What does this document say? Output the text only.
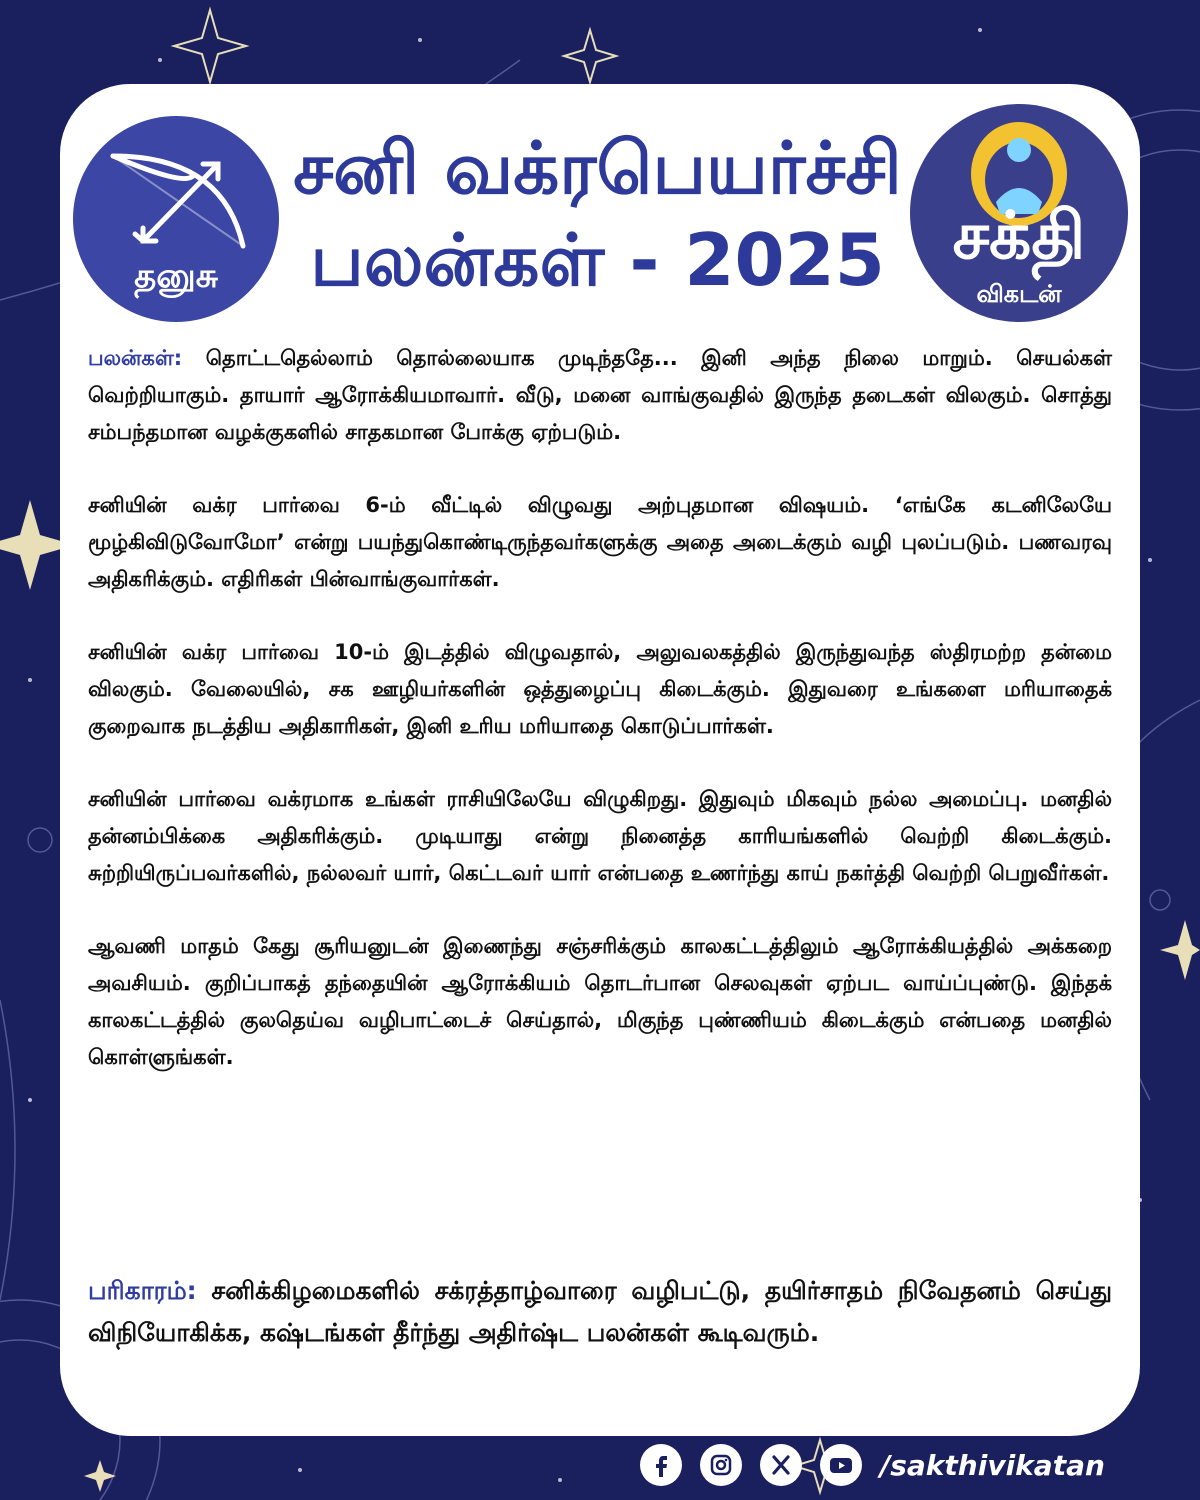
தனுசு
சனி வக்ரபெயர்ச்சி
பலன்கள் - 2025	சக்தி
விகடன்

பலன்கள்: தொட்டதெல்லாம் தொல்லையாக முடிந்ததே... இனி அந்த நிலை மாறும். செயல்கள் வெற்றியாகும். தாயார் ஆரோக்கியமாவார். வீடு, மனை வாங்குவதில் இருந்த தடைகள் விலகும். சொத்து சம்பந்தமான வழக்குகளில் சாதகமான போக்கு ஏற்படும்.

சனியின் வக்ர பார்வை 6-ம் வீட்டில் விழுவது அற்புதமான விஷயம். ‘எங்கே கடனிலேயே மூழ்கிவிடுவோமோ’ என்று பயந்துகொண்டிருந்தவர்களுக்கு அதை அடைக்கும் வழி புலப்படும். பணவரவு அதிகரிக்கும். எதிரிகள் பின்வாங்குவார்கள்.

சனியின் வக்ர பார்வை 10-ம் இடத்தில் விழுவதால், அலுவலகத்தில் இருந்துவந்த ஸ்திரமற்ற தன்மை விலகும். வேலையில், சக ஊழியர்களின் ஒத்துழைப்பு கிடைக்கும். இதுவரை உங்களை மரியாதைக் குறைவாக நடத்திய அதிகாரிகள், இனி உரிய மரியாதை கொடுப்பார்கள்.

சனியின் பார்வை வக்ரமாக உங்கள் ராசியிலேயே விழுகிறது. இதுவும் மிகவும் நல்ல அமைப்பு. மனதில் தன்னம்பிக்கை அதிகரிக்கும். முடியாது என்று நினைத்த காரியங்களில் வெற்றி கிடைக்கும். சுற்றியிருப்பவர்களில், நல்லவர் யார், கெட்டவர் யார் என்பதை உணர்ந்து காய் நகர்த்தி வெற்றி பெறுவீர்கள்.

ஆவணி மாதம் கேது சூரியனுடன் இணைந்து சஞ்சரிக்கும் காலகட்டத்திலும் ஆரோக்கியத்தில் அக்கறை அவசியம். குறிப்பாகத் தந்தையின் ஆரோக்கியம் தொடர்பான செலவுகள் ஏற்பட வாய்ப்புண்டு. இந்தக் காலகட்டத்தில் குலதெய்வ வழிபாட்டைச் செய்தால், மிகுந்த புண்ணியம் கிடைக்கும் என்பதை மனதில் கொள்ளுங்கள்.

பரிகாரம்: சனிக்கிழமைகளில் சக்ரத்தாழ்வாரை வழிபட்டு, தயிர்சாதம் நிவேதனம் செய்து விநியோகிக்க, கஷ்டங்கள் தீர்ந்து அதிர்ஷ்ட பலன்கள் கூடிவரும்.
/sakthivikatan
